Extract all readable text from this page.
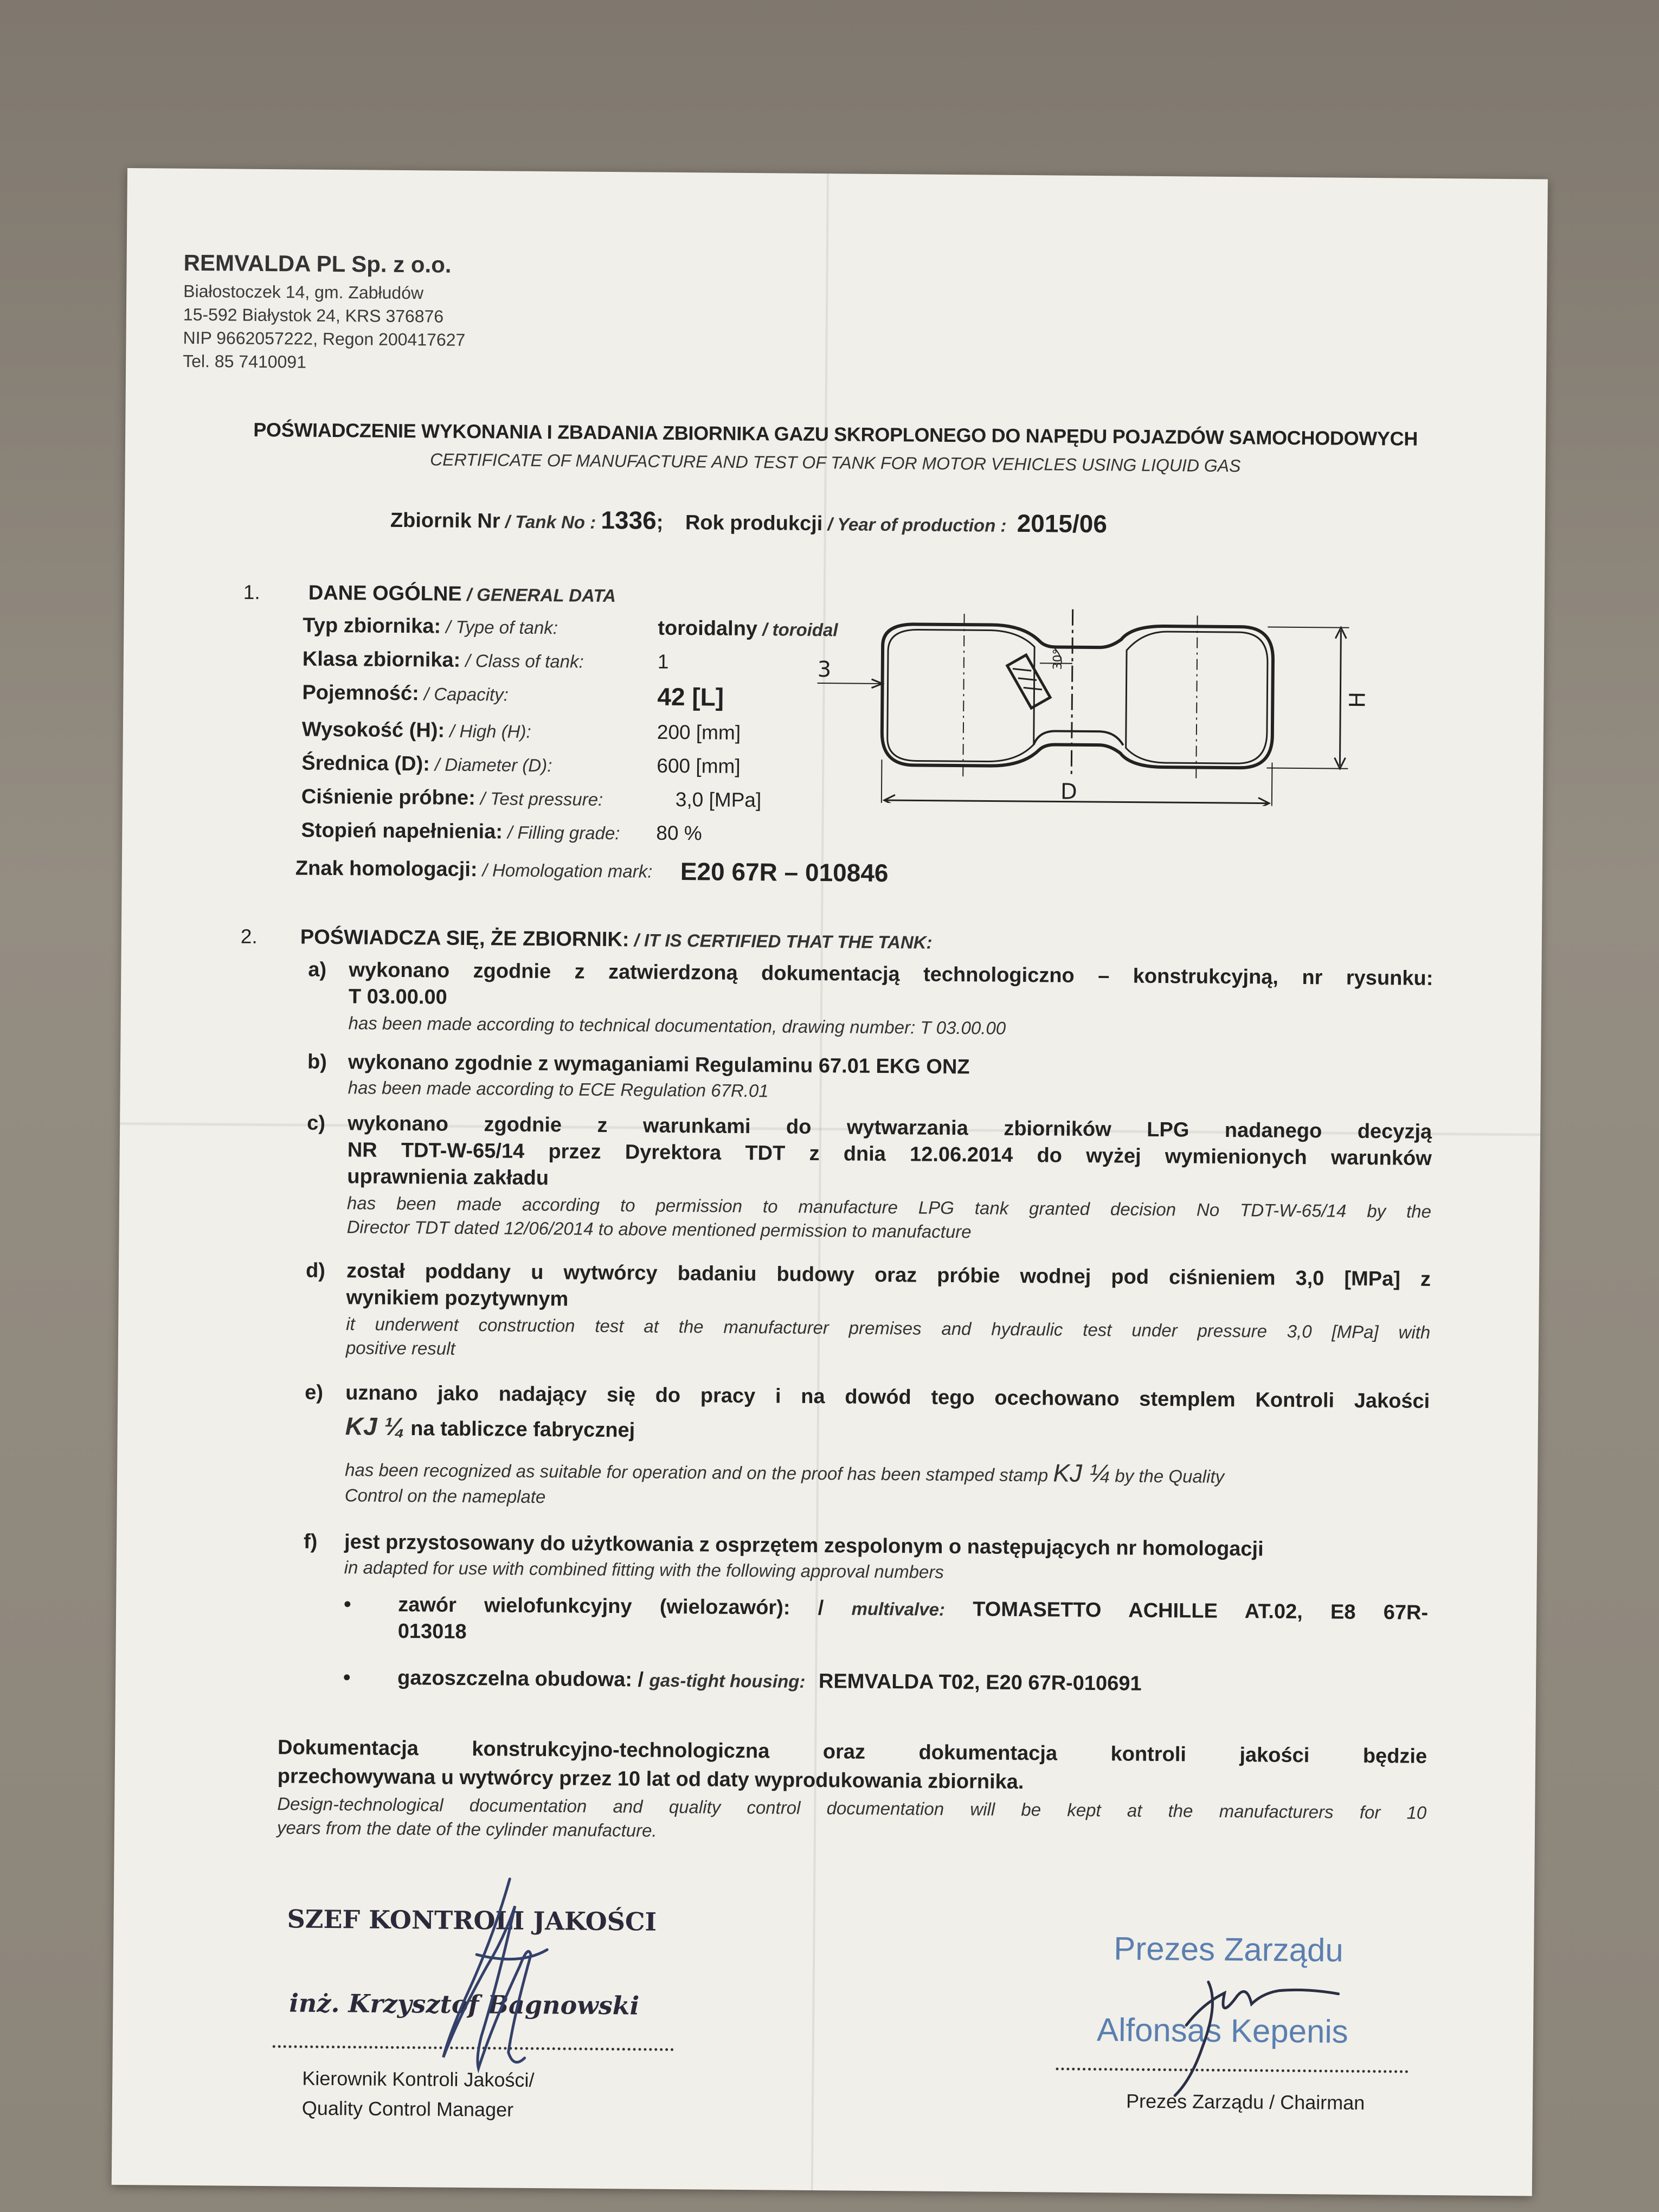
REMVALDA PL Sp. z o.o.
Białostoczek 14, gm. Zabłudów
15-592 Białystok 24, KRS 376876
NIP 9662057222, Regon 200417627
Tel. 85 7410091
POŚWIADCZENIE WYKONANIA I ZBADANIA ZBIORNIKA GAZU SKROPLONEGO DO NAPĘDU POJAZDÓW SAMOCHODOWYCH
CERTIFICATE OF MANUFACTURE AND TEST OF TANK FOR MOTOR VEHICLES USING LIQUID GAS
Zbiornik Nr / Tank No : 1336; Rok produkcji / Year of production : 2015/06
1. DANE OGÓLNE / GENERAL DATA
Typ zbiornika: / Type of tank:	toroidalny / toroidal
Klasa zbiornika: / Class of tank:	1
Pojemność: / Capacity:	42 [L]
Wysokość (H): / High (H):	200 [mm]
Średnica (D): / Diameter (D):	600 [mm]
Ciśnienie próbne: / Test pressure:	3,0 [MPa]
Stopień napełnienia: / Filling grade: 80 %
Znak homologacji: / Homologation mark: E20 67R – 010846
30°
H
D
3
2. POŚWIADCZA SIĘ, ŻE ZBIORNIK: / IT IS CERTIFIED THAT THE TANK:
a) wykonano zgodnie z zatwierdzoną dokumentacją technologiczno – konstrukcyjną, nr rysunku:
T 03.00.00
has been made according to technical documentation, drawing number: T 03.00.00
b) wykonano zgodnie z wymaganiami Regulaminu 67.01 EKG ONZ
has been made according to ECE Regulation 67R.01
c) wykonano zgodnie z warunkami do wytwarzania zbiorników LPG nadanego decyzją
NR TDT-W-65/14 przez Dyrektora TDT z dnia 12.06.2014 do wyżej wymienionych warunków
uprawnienia zakładu
has been made according to permission to manufacture LPG tank granted decision No TDT-W-65/14 by the
Director TDT dated 12/06/2014 to above mentioned permission to manufacture
d) został poddany u wytwórcy badaniu budowy oraz próbie wodnej pod ciśnieniem 3,0 [MPa] z
wynikiem pozytywnym
it underwent construction test at the manufacturer premises and hydraulic test under pressure 3,0 [MPa] with
positive result
e) uznano jako nadający się do pracy i na dowód tego ocechowano stemplem Kontroli Jakości
KJ ¼ na tabliczce fabrycznej
has been recognized as suitable for operation and on the proof has been stamped stamp KJ ¼ by the Quality
Control on the nameplate
f) jest przystosowany do użytkowania z osprzętem zespolonym o następujących nr homologacji
in adapted for use with combined fitting with the following approval numbers
• zawór wielofunkcyjny (wielozawór): / multivalve: TOMASETTO ACHILLE AT.02, E8 67R-
013018
• gazoszczelna obudowa: / gas-tight housing: REMVALDA T02, E20 67R-010691
Dokumentacja konstrukcyjno-technologiczna oraz dokumentacja kontroli jakości będzie
przechowywana u wytwórcy przez 10 lat od daty wyprodukowania zbiornika.
Design-technological documentation and quality control documentation will be kept at the manufacturers for 10
years from the date of the cylinder manufacture.
SZEF KONTROLI JAKOŚCI
inż. Krzysztof Bagnowski
Kierownik Kontroli Jakości/
Quality Control Manager
Prezes Zarządu
Alfonsas Kepenis
Prezes Zarządu / Chairman
